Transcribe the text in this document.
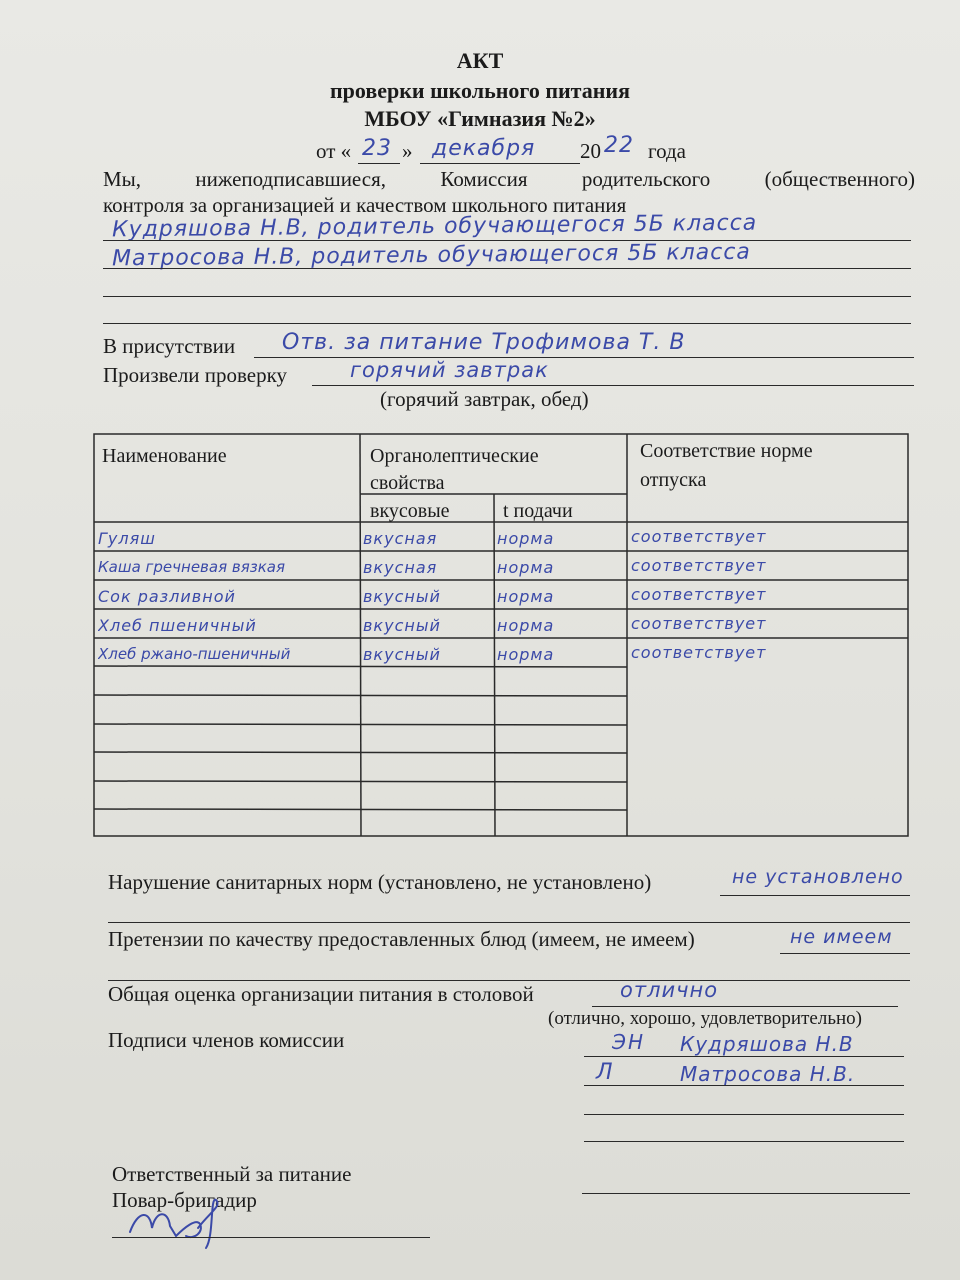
АКТ
проверки школьного питания
МБОУ «Гимназия №2»
от « 23 » декабря 20 22 года
Мы,	нижеподписавшиеся,	Комиссия	родительского	(общественного)
контроля за организацией и качеством школьного питания
Кудряшова Н.В, родитель обучающегося 5Б класса
Матросова Н.В, родитель обучающегося 5Б класса
В присутствии Отв. за питание Трофимова Т. В
Произвели проверку	горячий завтрак
(горячий завтрак, обед)
Наименование	Органолептические
свойства
Соответствие норме
отпуска
вкусовые	t подачи
Гуляш	вкусная	норма	соответствует
Каша гречневая вязкая	вкусная	норма	соответствует
Сок разливной	вкусный	норма	соответствует
Хлеб пшеничный	вкусный	норма	соответствует
Хлеб ржано-пшеничный	вкусный	норма	соответствует
Нарушение санитарных норм (установлено, не установлено)	не установлено
Претензии по качеству предоставленных блюд (имеем, не имеем)	не имеем
Общая оценка организации питания в столовой	отлично
(отлично, хорошо, удовлетворительно)
Подписи членов комиссии	ЭН Кудряшова Н.В
Л	Матросова Н.В.
Ответственный за питание
Повар-бригадир
